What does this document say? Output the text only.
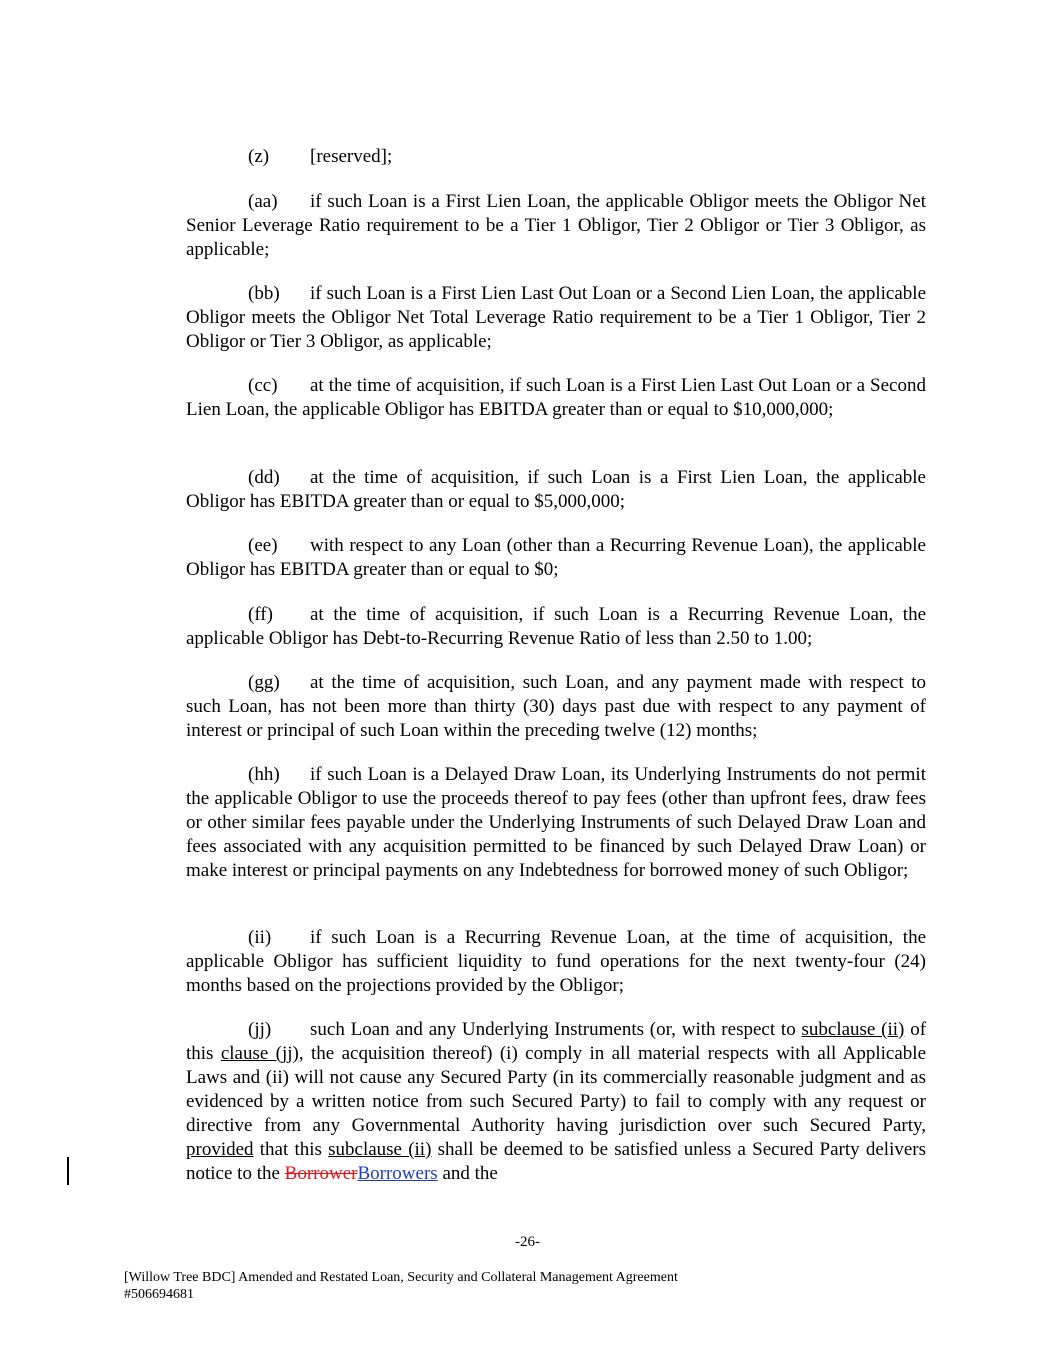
(z) [reserved];

(aa) if such Loan is a First Lien Loan, the applicable Obligor meets the Obligor Net Senior Leverage Ratio requirement to be a Tier 1 Obligor, Tier 2 Obligor or Tier 3 Obligor, as applicable;

(bb) if such Loan is a First Lien Last Out Loan or a Second Lien Loan, the applicable Obligor meets the Obligor Net Total Leverage Ratio requirement to be a Tier 1 Obligor, Tier 2 Obligor or Tier 3 Obligor, as applicable;

(cc) at the time of acquisition, if such Loan is a First Lien Last Out Loan or a Second Lien Loan, the applicable Obligor has EBITDA greater than or equal to $10,000,000;

(dd) at the time of acquisition, if such Loan is a First Lien Loan, the applicable Obligor has EBITDA greater than or equal to $5,000,000;

(ee) with respect to any Loan (other than a Recurring Revenue Loan), the applicable Obligor has EBITDA greater than or equal to $0;

(ff) at the time of acquisition, if such Loan is a Recurring Revenue Loan, the applicable Obligor has Debt-to-Recurring Revenue Ratio of less than 2.50 to 1.00;

(gg) at the time of acquisition, such Loan, and any payment made with respect to such Loan, has not been more than thirty (30) days past due with respect to any payment of interest or principal of such Loan within the preceding twelve (12) months;

(hh) if such Loan is a Delayed Draw Loan, its Underlying Instruments do not permit the applicable Obligor to use the proceeds thereof to pay fees (other than upfront fees, draw fees or other similar fees payable under the Underlying Instruments of such Delayed Draw Loan and fees associated with any acquisition permitted to be financed by such Delayed Draw Loan) or make interest or principal payments on any Indebtedness for borrowed money of such Obligor;

(ii) if such Loan is a Recurring Revenue Loan, at the time of acquisition, the applicable Obligor has sufficient liquidity to fund operations for the next twenty-four (24) months based on the projections provided by the Obligor;

(jj) such Loan and any Underlying Instruments (or, with respect to subclause (ii) of this clause (jj), the acquisition thereof) (i) comply in all material respects with all Applicable Laws and (ii) will not cause any Secured Party (in its commercially reasonable judgment and as evidenced by a written notice from such Secured Party) to fail to comply with any request or directive from any Governmental Authority having jurisdiction over such Secured Party, provided that this subclause (ii) shall be deemed to be satisfied unless a Secured Party delivers notice to the BorrowerBorrowers and the

-26-
[Willow Tree BDC] Amended and Restated Loan, Security and Collateral Management Agreement
#506694681
